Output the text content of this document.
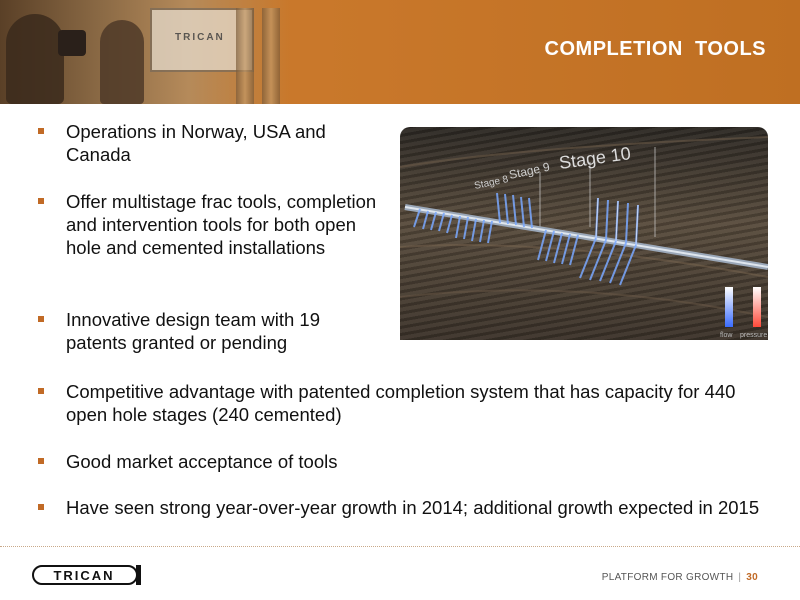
TRICAN
COMPLETION  TOOLS
Operations in Norway, USA and Canada
Offer multistage frac tools, completion and intervention tools for both open hole and cemented installations
Innovative design team with 19 patents granted or pending
Competitive advantage with patented completion system that has capacity for 440 open hole stages (240 cemented)
Good market acceptance of tools
Have seen strong year-over-year growth in 2014; additional growth expected in 2015
Stage 8
Stage 9 Stage 10
flow pressure
TRICAN	PLATFORM FOR GROWTH | 30
